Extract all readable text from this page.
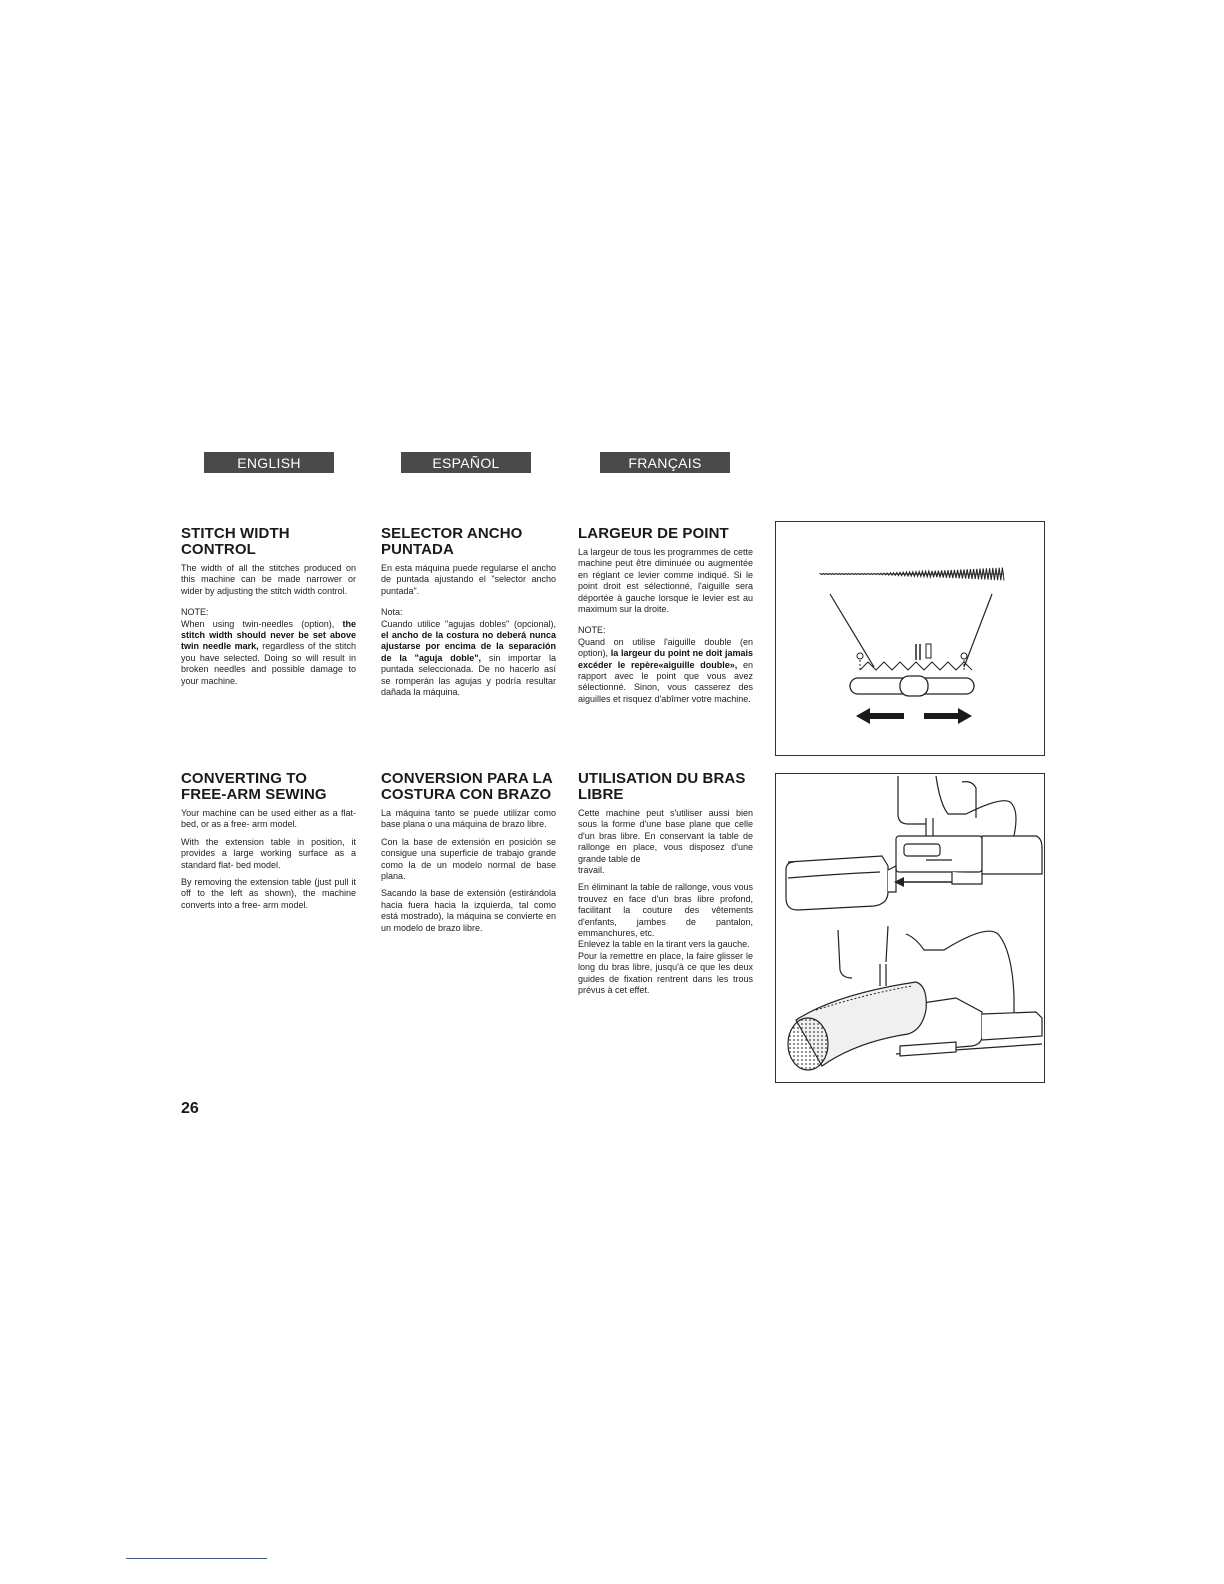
ENGLISH	ESPAÑOL	FRANÇAIS
STITCH WIDTH CONTROL

The width of all the stitches produced on this machine can be made narrower or wider by adjusting the stitch width control.

NOTE:

When using twin-needles (option), the stitch width should never be set above twin needle mark, regardless of the stitch you have selected. Doing so will result in broken needles and possible damage to your machine.

SELECTOR ANCHO PUNTADA

En esta máquina puede regularse el ancho de puntada ajustando el "selector ancho puntada".

Nota:

Cuando utilice "agujas dobles" (opcional), el ancho de la costura no deberá nunca ajustarse por encima de la separación de la "aguja doble", sin importar la puntada seleccionada. De no hacerlo así se romperán las agujas y podría resultar dañada la máquina.

LARGEUR DE POINT

La largeur de tous les programmes de cette machine peut être diminuée ou augmentée en réglant ce levier comme indiqué. Si le point droit est sélectionné, l'aiguille sera déportée à gauche lorsque le levier est au maximum sur la droite.

NOTE:

Quand on utilise l'aiguille double (en option), la largeur du point ne doit jamais excéder le repère«aiguille double», en rapport avec le point que vous avez sélectionné. Sinon, vous casserez des aiguilles et risquez d'abîmer votre machine.

CONVERTING TO FREE-ARM SEWING

Your machine can be used either as a flat- bed, or as a free- arm model.

With the extension table in position, it provides a large working surface as a standard flat- bed model.

By removing the extension table (just pull it off to the left as shown), the machine converts into a free- arm model.

CONVERSION PARA LA COSTURA CON BRAZO

La máquina tanto se puede utilizar como base plana o una máquina de brazo libre.

Con la base de extensión en posición se consigue una superficie de trabajo grande como la de un modelo normal de base plana.

Sacando la base de extensión (estirándola hacia fuera hacia la izquierda, tal como está mostrado), la máquina se convierte en un modelo de brazo libre.

UTILISATION DU BRAS LIBRE

Cette machine peut s'utiliser aussi bien sous la forme d'une base plane que celle d'un bras libre. En conservant la table de rallonge en place, vous disposez d'une grande table de

travail.

En éliminant la table de rallonge, vous vous trouvez en face d'un bras libre profond, facilitant la couture des vêtements d'enfants, jambes de pantalon, emmanchures, etc.

Enlevez la table en la tirant vers la gauche.

Pour la remettre en place, la faire glisser le long du bras libre, jusqu'à ce que les deux guides de fixation rentrent dans les trous prévus à cet effet.

26
